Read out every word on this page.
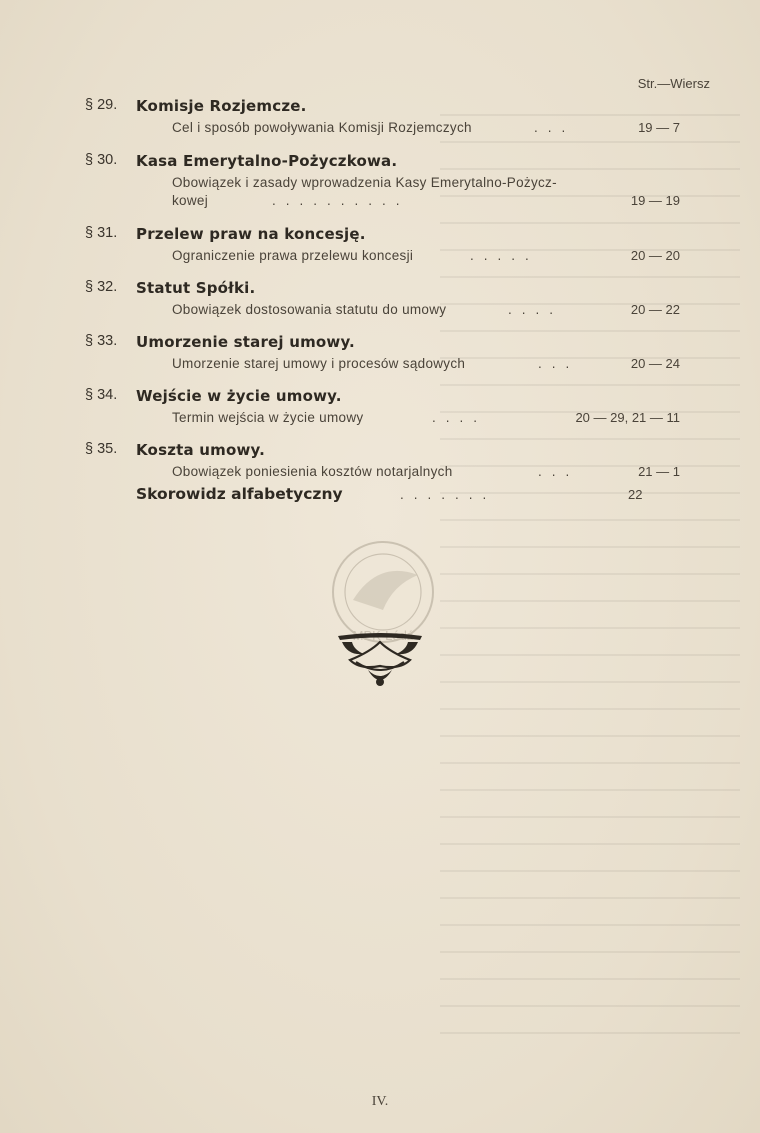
Str.—Wiersz
§ 29. Komisje Rozjemcze.
Cel i sposób powoływania Komisji Rozjemczych	...	19 — 7
§ 30. Kasa Emerytalno-Pożyczkowa.
Obowiązek i zasady wprowadzenia Kasy Emerytalno-Pożycz-
kowej	..........	19 — 19
§ 31. Przelew praw na koncesję.
Ograniczenie prawa przelewu koncesji	.....	20 — 20
§ 32. Statut Spółki.
Obowiązek dostosowania statutu do umowy	....	20 — 22
§ 33. Umorzenie starej umowy.
Umorzenie starej umowy i procesów sądowych	...	20 — 24
§ 34. Wejście w życie umowy.
Termin wejścia w życie umowy	....	20 — 29, 21 — 11
§ 35. Koszta umowy.
Obowiązek poniesienia kosztów notarjalnych	...	21 — 1
Skorowidz alfabetyczny	.......	22
IV.
